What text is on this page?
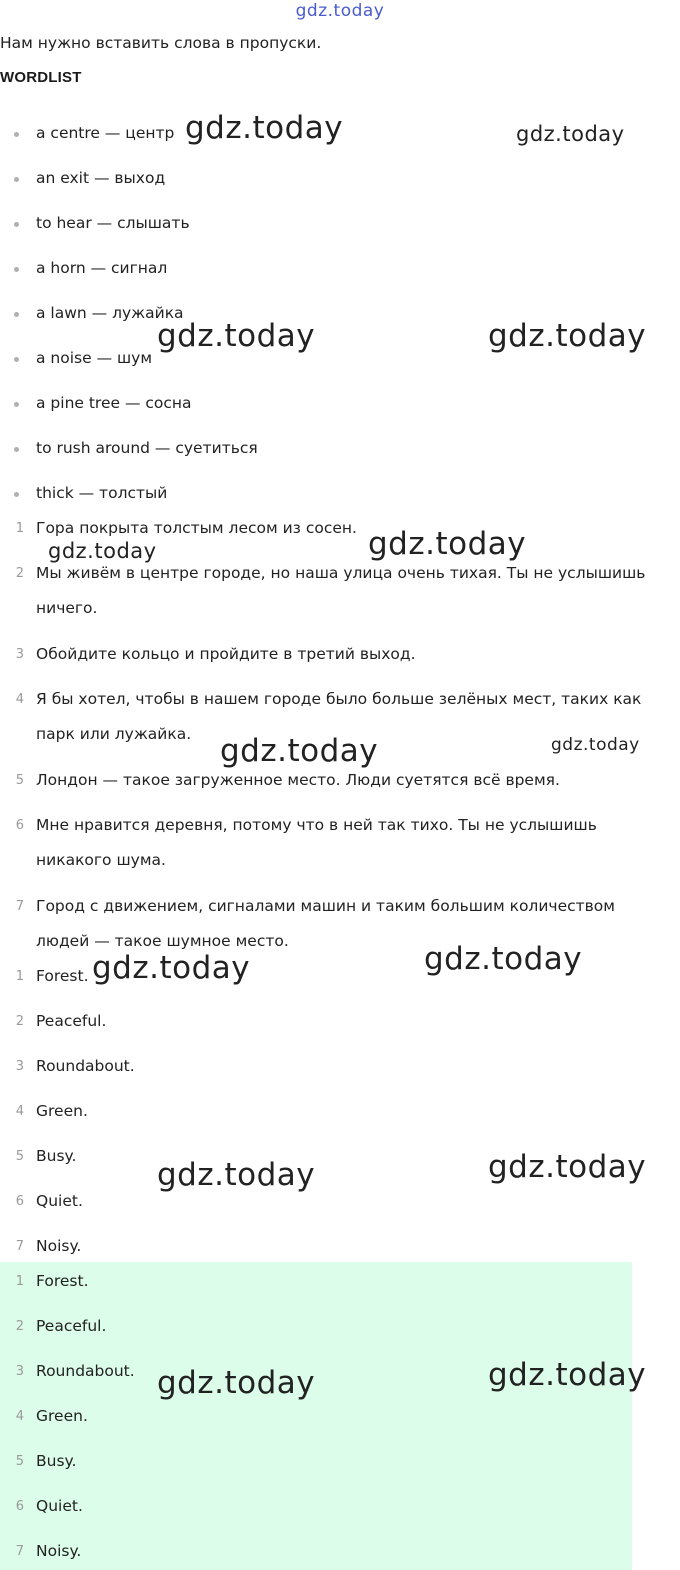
gdz.today
Нам нужно вставить слова в пропуски.
WORDLIST
a centre — центр
an exit — выход
to hear — слышать
a horn — сигнал
a lawn — лужайка
a noise — шум
a pine tree — сосна
to rush around — суетиться
thick — толстый
1 Гора покрыта толстым лесом из сосен.
2 Мы живём в центре городе, но наша улица очень тихая. Ты не услышишь ничего.
3 Обойдите кольцо и пройдите в третий выход.
4 Я бы хотел, чтобы в нашем городе было больше зелёных мест, таких как парк или лужайка.
5 Лондон — такое загруженное место. Люди суетятся всё время.
6 Мне нравится деревня, потому что в ней так тихо. Ты не услышишь никакого шума.
7 Город с движением, сигналами машин и таким большим количеством людей — такое шумное место.
1 Forest.
2 Peaceful.
3 Roundabout.
4 Green.
5 Busy.
6 Quiet.
7 Noisy.
1 Forest.
2 Peaceful.
3 Roundabout.
4 Green.
5 Busy.
6 Quiet.
7 Noisy.
gdz.today	gdz.today
gdz.today	gdz.today
gdz.today	gdz.today
gdz.today	gdz.today
gdz.today	gdz.today
gdz.today	gdz.today
gdz.today	gdz.today
